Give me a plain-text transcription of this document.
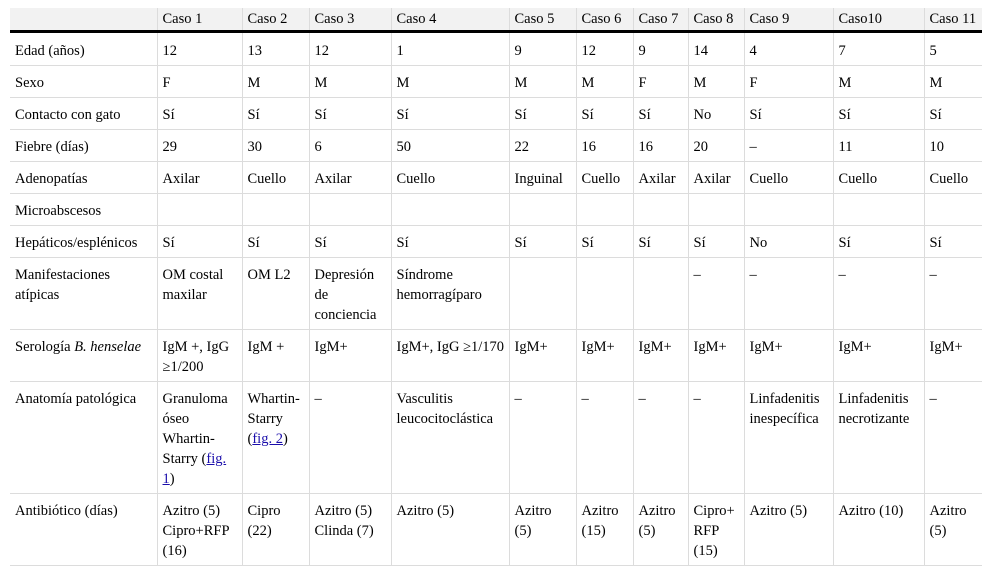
	Caso 1	Caso 2	Caso 3	Caso 4	Caso 5	Caso 6	Caso 7	Caso 8	Caso 9	Caso10	Caso 11
Edad (años)	12	13	12	1	9	12	9	14	4	7	5
Sexo	F	M	M	M	M	M	F	M	F	M	M
Contacto con gato	Sí	Sí	Sí	Sí	Sí	Sí	Sí	No	Sí	Sí	Sí
Fiebre (días)	29	30	6	50	22	16	16	20	–	11	10
Adenopatías	Axilar	Cuello	Axilar	Cuello	Inguinal	Cuello	Axilar	Axilar	Cuello	Cuello	Cuello
Microabscesos											
Hepáticos/esplénicos	Sí	Sí	Sí	Sí	Sí	Sí	Sí	Sí	No	Sí	Sí
Manifestaciones atípicas	OM costal maxilar	OM L2	Depresión de conciencia	Síndrome hemorragíparo				–	–	–	–
Serología B. henselae	IgM +, IgG ≥1/200	IgM +	IgM+	IgM+, IgG ≥1/170	IgM+	IgM+	IgM+	IgM+	IgM+	IgM+	IgM+
Anatomía patológica	Granuloma óseo Whartin-Starry (fig. 1)	Whartin-Starry (fig. 2)	–	Vasculitis leucocitoclástica	–	–	–	–	Linfadenitis inespecífica	Linfadenitis necrotizante	–
Antibiótico (días)	Azitro (5) Cipro+RFP (16)	Cipro (22)	Azitro (5) Clinda (7)	Azitro (5)	Azitro (5)	Azitro (15)	Azitro (5)	Cipro+ RFP (15)	Azitro (5)	Azitro (10)	Azitro (5)
